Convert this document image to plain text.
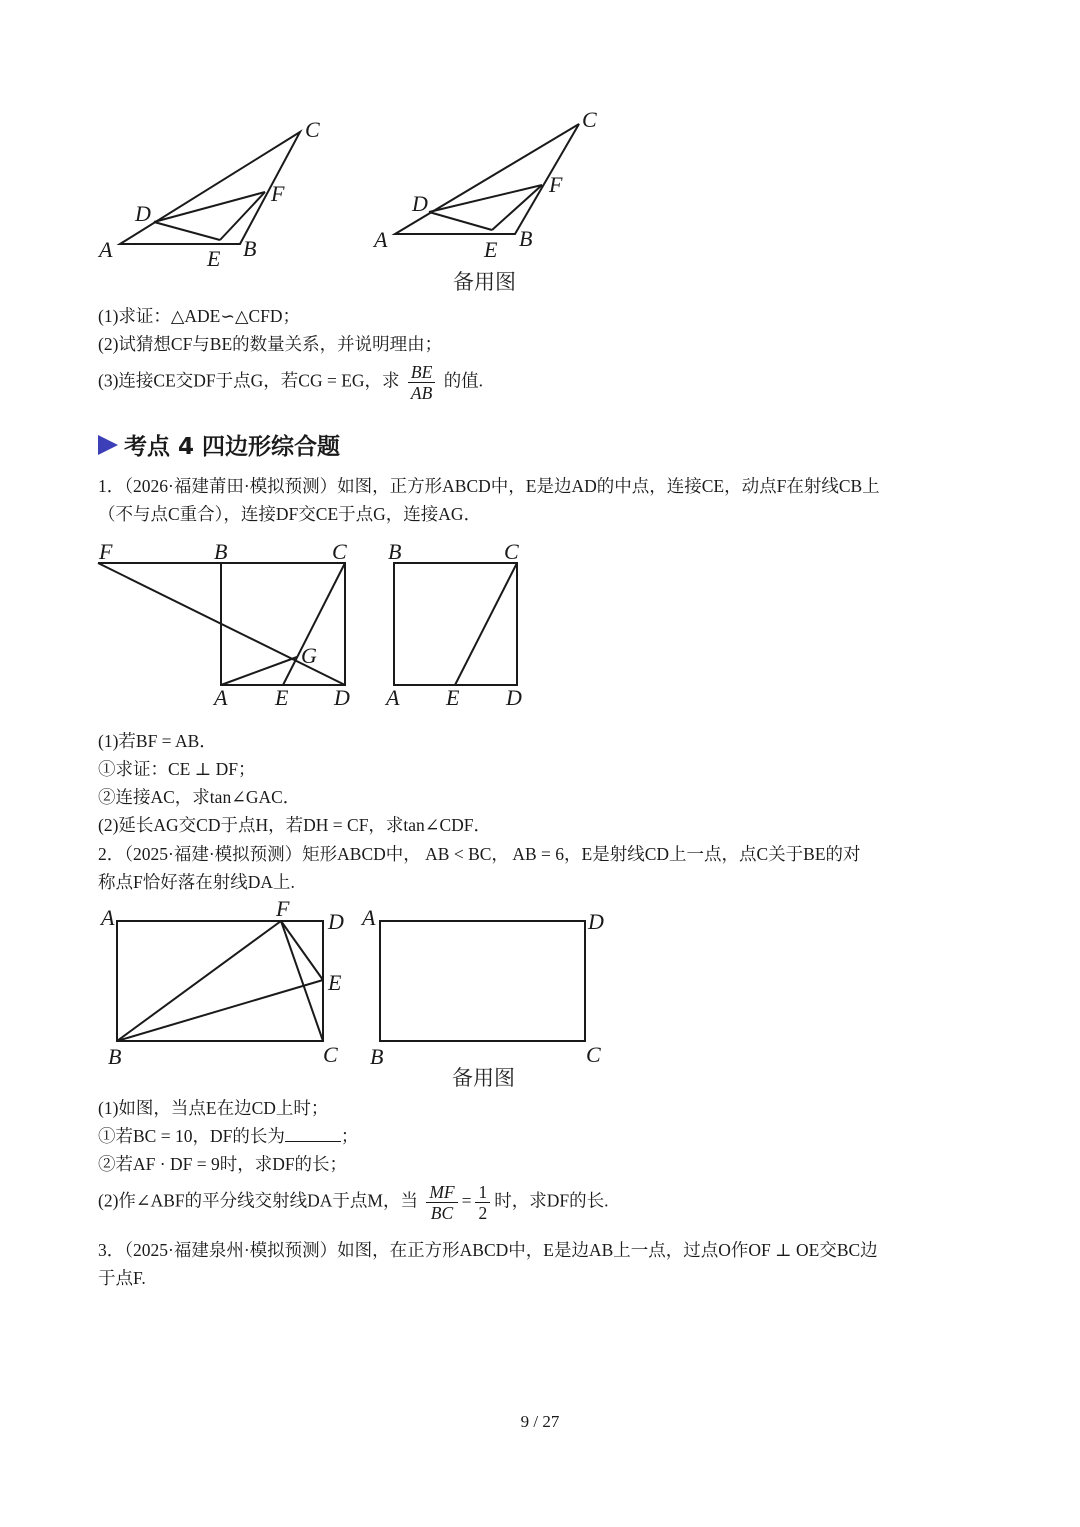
A	B
C
D
E
F
A	B
C
D
E
F
备用图
(1)求证：△ADE∽△CFD；
(2)试猜想CF与BE的数量关系，并说明理由；
(3)连接CE交DF于点G，若CG = EG，求 $\frac{BE}{AB}$ 的值.
考点 4 四边形综合题
1．（2026·福建莆田·模拟预测）如图，正方形ABCD中，E是边AD的中点，连接CE，动点F在射线CB上
（不与点C重合），连接DF交CE于点G，连接AG．
F	B	C
A E D
G
B	C
A E D
(1)若BF = AB．
①求证：CE ⊥ DF；
②连接AC，求tan∠GAC．
(2)延长AG交CD于点H，若DH = CF，求tan∠CDF．
2．（2025·福建·模拟预测）矩形ABCD中， AB < BC， AB = 6，E是射线CD上一点，点C关于BE的对
称点F恰好落在射线DA上.
A	F
D
E
B	C
A	D
B	C
备用图
(1)如图，当点E在边CD上时；
①若BC = 10，DF的长为	；
②若AF · DF = 9时，求DF的长；
(2)作∠ABF的平分线交射线DA于点M，当 $\frac{MF}{BC} = \frac{1}{2}$ 时，求DF的长.
3．（2025·福建泉州·模拟预测）如图，在正方形ABCD中，E是边AB上一点，过点O作OF ⊥ OE交BC边
于点F.
9 / 27
